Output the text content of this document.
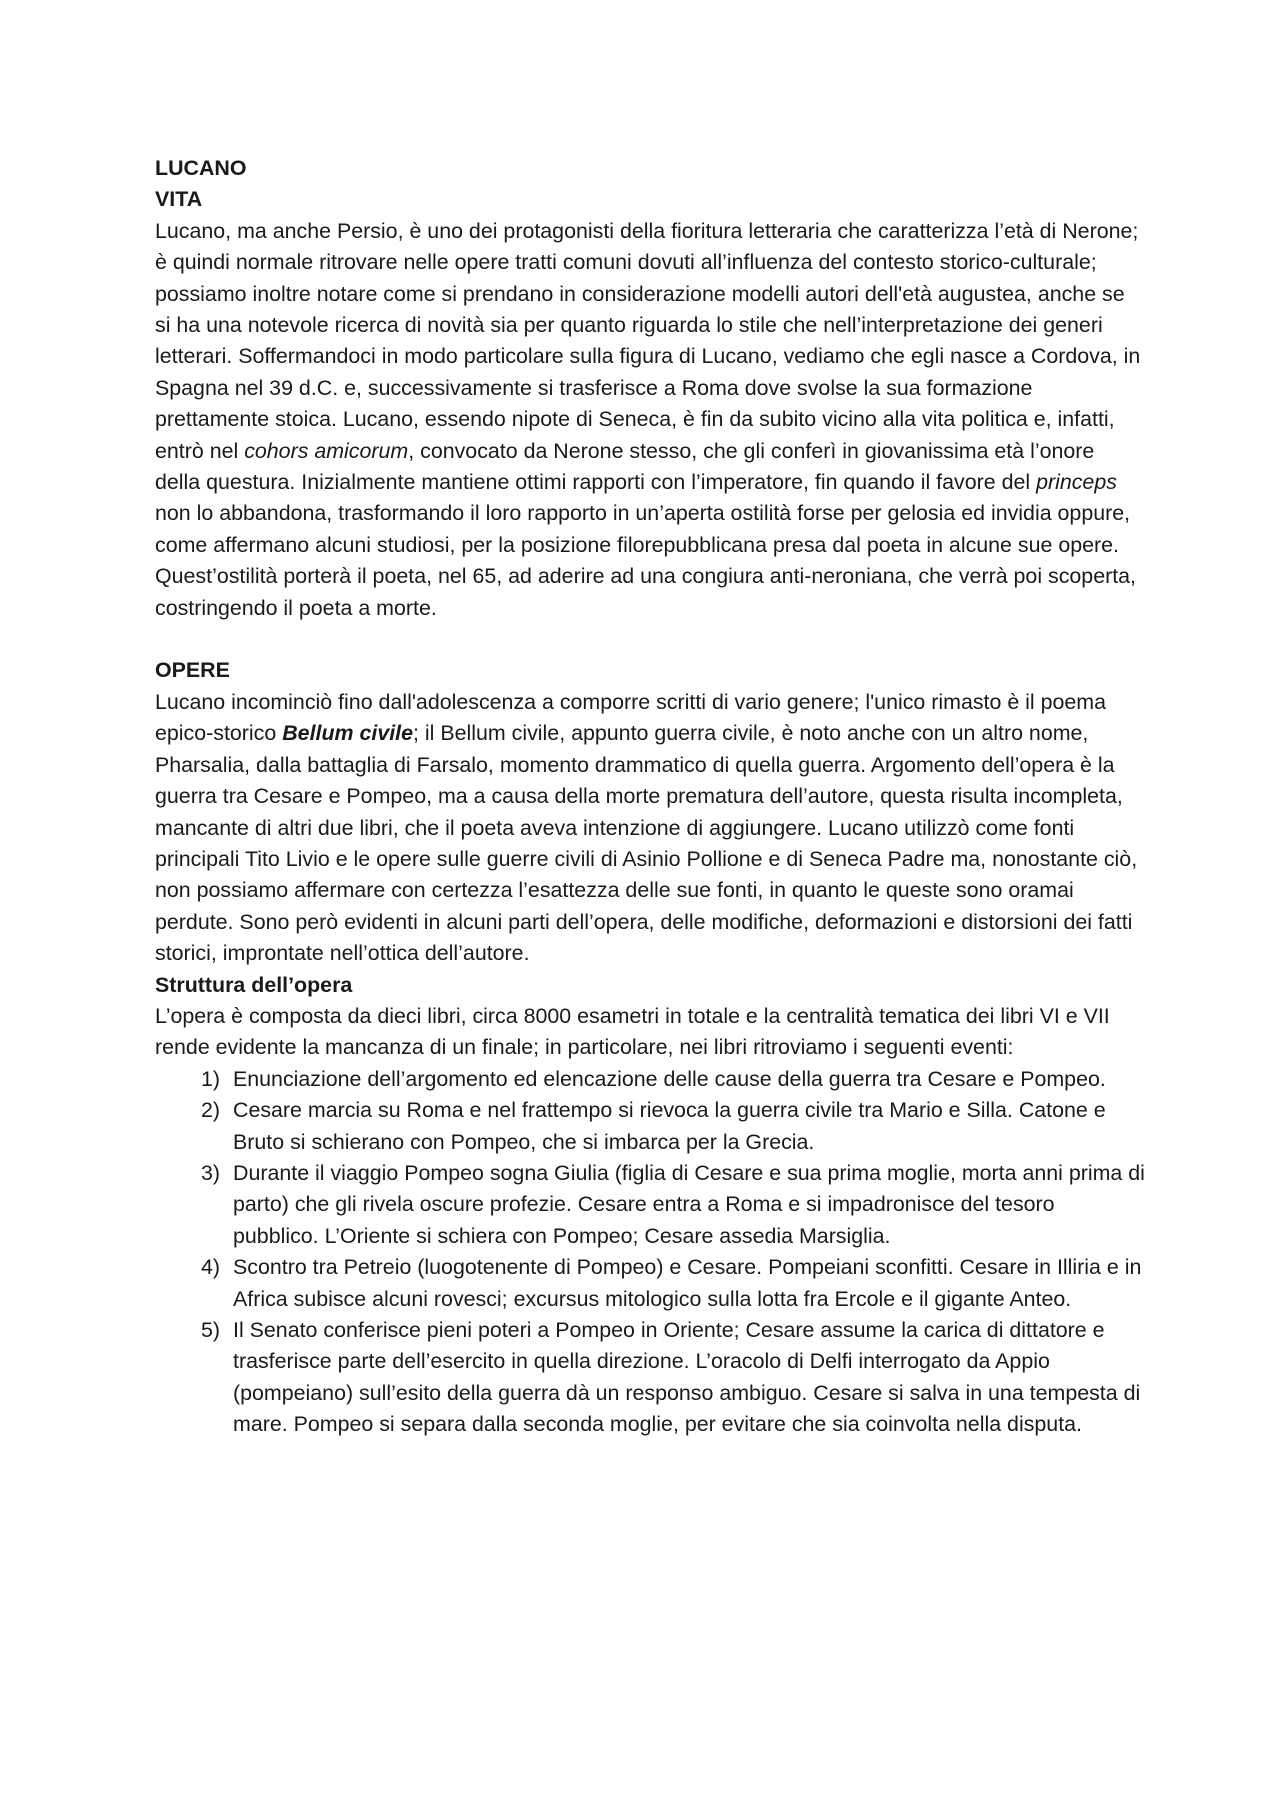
LUCANO

VITA

Lucano, ma anche Persio, è uno dei protagonisti della fioritura letteraria che caratterizza l’età di Nerone; è quindi normale ritrovare nelle opere tratti comuni dovuti all’influenza del contesto storico-culturale; possiamo inoltre notare come si prendano in considerazione modelli autori dell'età augustea, anche se si ha una notevole ricerca di novità sia per quanto riguarda lo stile che nell’interpretazione dei generi letterari. Soffermandoci in modo particolare sulla figura di Lucano, vediamo che egli nasce a Cordova, in Spagna nel 39 d.C. e, successivamente si trasferisce a Roma dove svolse la sua formazione prettamente stoica. Lucano, essendo nipote di Seneca, è fin da subito vicino alla vita politica e, infatti, entrò nel cohors amicorum, convocato da Nerone stesso, che gli conferì in giovanissima età l’onore della questura. Inizialmente mantiene ottimi rapporti con l’imperatore, fin quando il favore del princeps non lo abbandona, trasformando il loro rapporto in un’aperta ostilità forse per gelosia ed invidia oppure, come affermano alcuni studiosi, per la posizione filorepubblicana presa dal poeta in alcune sue opere. Quest’ostilità porterà il poeta, nel 65, ad aderire ad una congiura anti-neroniana, che verrà poi scoperta, costringendo il poeta a morte.

OPERE

Lucano incominciò fino dall'adolescenza a comporre scritti di vario genere; l'unico rimasto è il poema epico-storico Bellum civile; il Bellum civile, appunto guerra civile, è noto anche con un altro nome, Pharsalia, dalla battaglia di Farsalo, momento drammatico di quella guerra. Argomento dell’opera è la guerra tra Cesare e Pompeo, ma a causa della morte prematura dell’autore, questa risulta incompleta, mancante di altri due libri, che il poeta aveva intenzione di aggiungere. Lucano utilizzò come fonti principali Tito Livio e le opere sulle guerre civili di Asinio Pollione e di Seneca Padre ma, nonostante ciò, non possiamo affermare con certezza l’esattezza delle sue fonti, in quanto le queste sono oramai perdute. Sono però evidenti in alcuni parti dell’opera, delle modifiche, deformazioni e distorsioni dei fatti storici, improntate nell’ottica dell’autore.

Struttura dell’opera

L’opera è composta da dieci libri, circa 8000 esametri in totale e la centralità tematica dei libri VI e VII rende evidente la mancanza di un finale; in particolare, nei libri ritroviamo i seguenti eventi:

1) Enunciazione dell’argomento ed elencazione delle cause della guerra tra Cesare e Pompeo.
2) Cesare marcia su Roma e nel frattempo si rievoca la guerra civile tra Mario e Silla. Catone e Bruto si schierano con Pompeo, che si imbarca per la Grecia.
3) Durante il viaggio Pompeo sogna Giulia (figlia di Cesare e sua prima moglie, morta anni prima di parto) che gli rivela oscure profezie. Cesare entra a Roma e si impadronisce del tesoro pubblico. L’Oriente si schiera con Pompeo; Cesare assedia Marsiglia.
4) Scontro tra Petreio (luogotenente di Pompeo) e Cesare. Pompeiani sconfitti. Cesare in Illiria e in Africa subisce alcuni rovesci; excursus mitologico sulla lotta fra Ercole e il gigante Anteo.
5) Il Senato conferisce pieni poteri a Pompeo in Oriente; Cesare assume la carica di dittatore e trasferisce parte dell’esercito in quella direzione. L’oracolo di Delfi interrogato da Appio (pompeiano) sull’esito della guerra dà un responso ambiguo. Cesare si salva in una tempesta di mare. Pompeo si separa dalla seconda moglie, per evitare che sia coinvolta nella disputa.
